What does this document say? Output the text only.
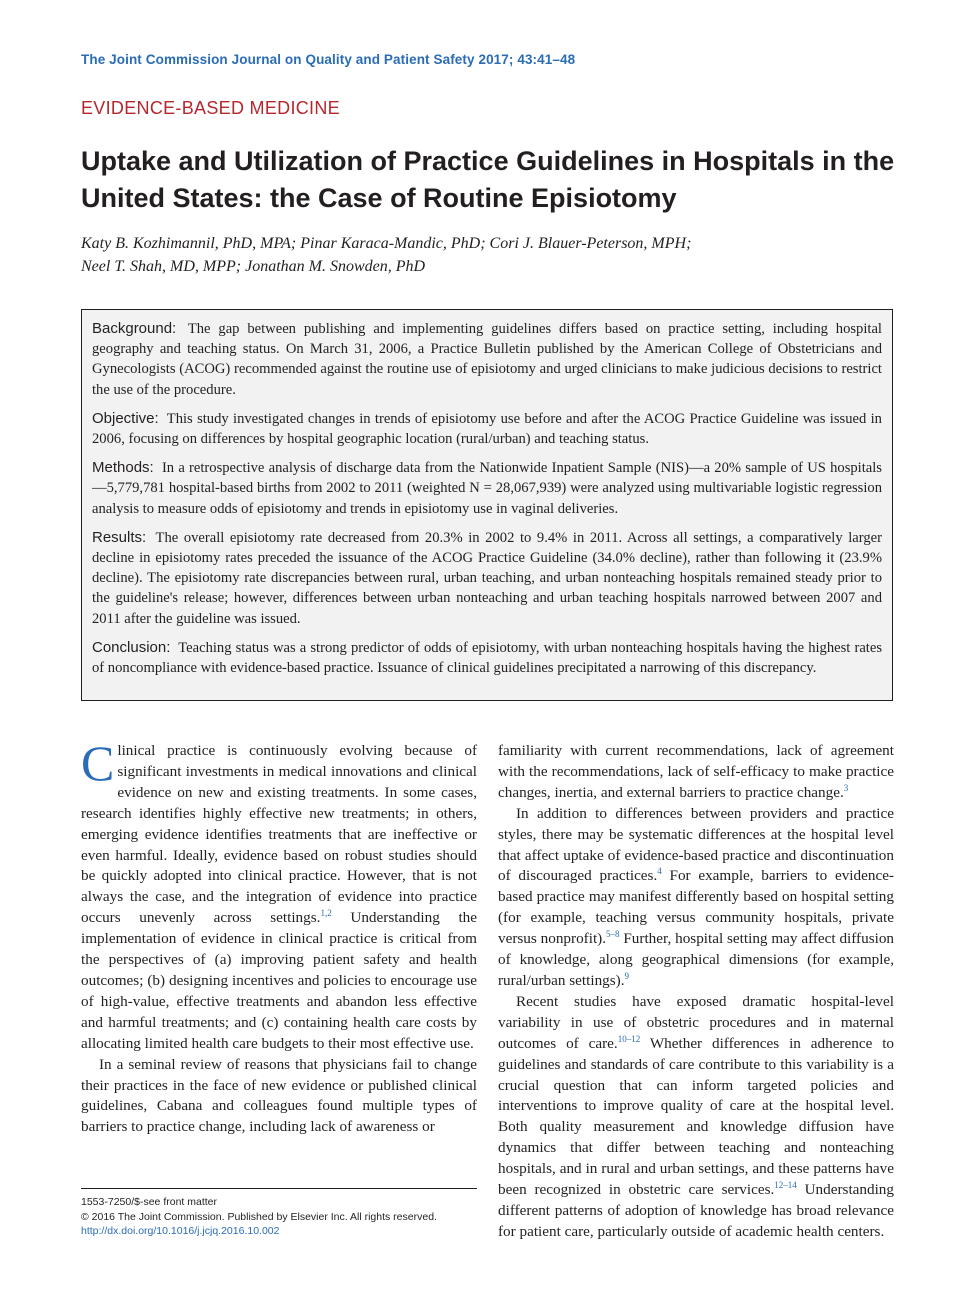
The Joint Commission Journal on Quality and Patient Safety 2017; 43:41–48
EVIDENCE-BASED MEDICINE
Uptake and Utilization of Practice Guidelines in Hospitals in the United States: the Case of Routine Episiotomy
Katy B. Kozhimannil, PhD, MPA; Pinar Karaca-Mandic, PhD; Cori J. Blauer-Peterson, MPH;
Neel T. Shah, MD, MPP; Jonathan M. Snowden, PhD

Background: The gap between publishing and implementing guidelines differs based on practice setting, including hospital geography and teaching status. On March 31, 2006, a Practice Bulletin published by the American College of Obstetricians and Gynecologists (ACOG) recommended against the routine use of episiotomy and urged clinicians to make judicious decisions to restrict the use of the procedure.

Objective: This study investigated changes in trends of episiotomy use before and after the ACOG Practice Guideline was issued in 2006, focusing on differences by hospital geographic location (rural/urban) and teaching status.

Methods: In a retrospective analysis of discharge data from the Nationwide Inpatient Sample (NIS)—a 20% sample of US hospitals—5,779,781 hospital-based births from 2002 to 2011 (weighted N = 28,067,939) were analyzed using multivariable logistic regression analysis to measure odds of episiotomy and trends in episiotomy use in vaginal deliveries.

Results: The overall episiotomy rate decreased from 20.3% in 2002 to 9.4% in 2011. Across all settings, a comparatively larger decline in episiotomy rates preceded the issuance of the ACOG Practice Guideline (34.0% decline), rather than following it (23.9% decline). The episiotomy rate discrepancies between rural, urban teaching, and urban nonteaching hospitals remained steady prior to the guideline's release; however, differences between urban nonteaching and urban teaching hospitals narrowed between 2007 and 2011 after the guideline was issued.

Conclusion: Teaching status was a strong predictor of odds of episiotomy, with urban nonteaching hospitals having the highest rates of noncompliance with evidence-based practice. Issuance of clinical guidelines precipitated a narrowing of this discrepancy.

Clinical practice is continuously evolving because of significant investments in medical innovations and clinical evidence on new and existing treatments. In some cases, research identifies highly effective new treatments; in others, emerging evidence identifies treatments that are ineffective or even harmful. Ideally, evidence based on robust studies should be quickly adopted into clinical practice. However, that is not always the case, and the integration of evidence into practice occurs unevenly across settings.$^{1,2}$ Understanding the implementation of evidence in clinical practice is critical from the perspectives of (a) improving patient safety and health outcomes; (b) designing incentives and policies to encourage use of high-value, effective treatments and abandon less effective and harmful treatments; and (c) containing health care costs by allocating limited health care budgets to their most effective use.

In a seminal review of reasons that physicians fail to change their practices in the face of new evidence or published clinical guidelines, Cabana and colleagues found multiple types of barriers to practice change, including lack of awareness or

familiarity with current recommendations, lack of agreement with the recommendations, lack of self-efficacy to make practice changes, inertia, and external barriers to practice change.$^3$

In addition to differences between providers and practice styles, there may be systematic differences at the hospital level that affect uptake of evidence-based practice and discontinuation of discouraged practices.$^4$ For example, barriers to evidence-based practice may manifest differently based on hospital setting (for example, teaching versus community hospitals, private versus nonprofit).$^{5-8}$ Further, hospital setting may affect diffusion of knowledge, along geographical dimensions (for example, rural/urban settings).$^9$

Recent studies have exposed dramatic hospital-level variability in use of obstetric procedures and in maternal outcomes of care.$^{10-12}$ Whether differences in adherence to guidelines and standards of care contribute to this variability is a crucial question that can inform targeted policies and interventions to improve quality of care at the hospital level. Both quality measurement and knowledge diffusion have dynamics that differ between teaching and nonteaching hospitals, and in rural and urban settings, and these patterns have been recognized in obstetric care services.$^{12-14}$ Understanding different patterns of adoption of knowledge has broad relevance for patient care, particularly outside of academic health centers.

1553-7250/$-see front matter
© 2016 The Joint Commission. Published by Elsevier Inc. All rights reserved.
http://dx.doi.org/10.1016/j.jcjq.2016.10.002
